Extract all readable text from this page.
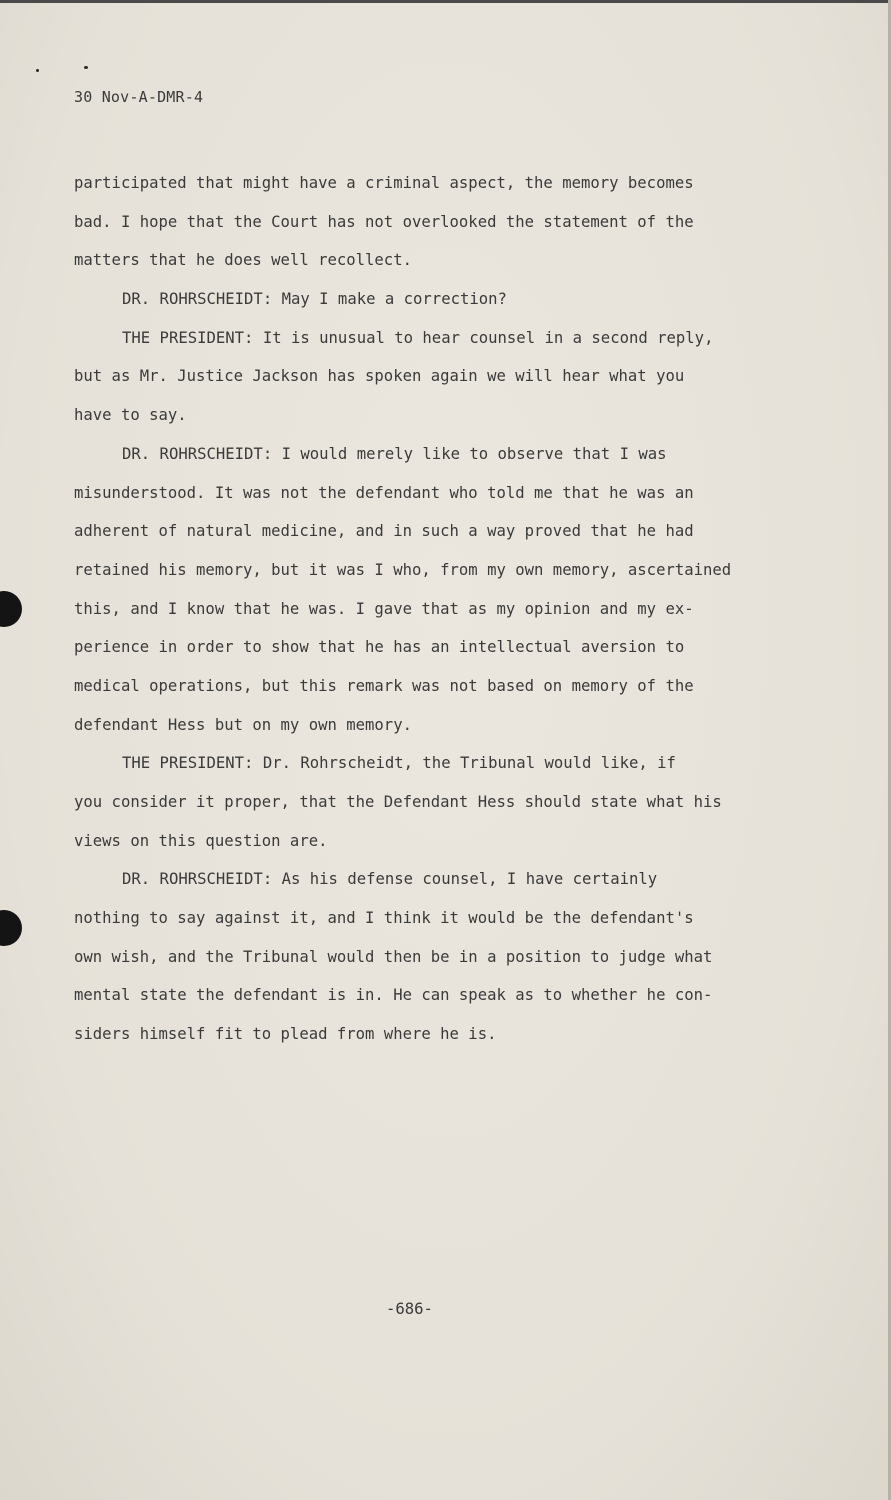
30 Nov-A-DMR-4
participated that might have a criminal aspect, the memory becomes
bad. I hope that the Court has not overlooked the statement of the
matters that he does well recollect.
DR. ROHRSCHEIDT: May I make a correction?
THE PRESIDENT: It is unusual to hear counsel in a second reply,
but as Mr. Justice Jackson has spoken again we will hear what you
have to say.
DR. ROHRSCHEIDT: I would merely like to observe that I was
misunderstood. It was not the defendant who told me that he was an
adherent of natural medicine, and in such a way proved that he had
retained his memory, but it was I who, from my own memory, ascertained
this, and I know that he was. I gave that as my opinion and my ex-
perience in order to show that he has an intellectual aversion to
medical operations, but this remark was not based on memory of the
defendant Hess but on my own memory.
THE PRESIDENT: Dr. Rohrscheidt, the Tribunal would like, if
you consider it proper, that the Defendant Hess should state what his
views on this question are.
DR. ROHRSCHEIDT: As his defense counsel, I have certainly
nothing to say against it, and I think it would be the defendant's
own wish, and the Tribunal would then be in a position to judge what
mental state the defendant is in. He can speak as to whether he con-
siders himself fit to plead from where he is.
-686-
